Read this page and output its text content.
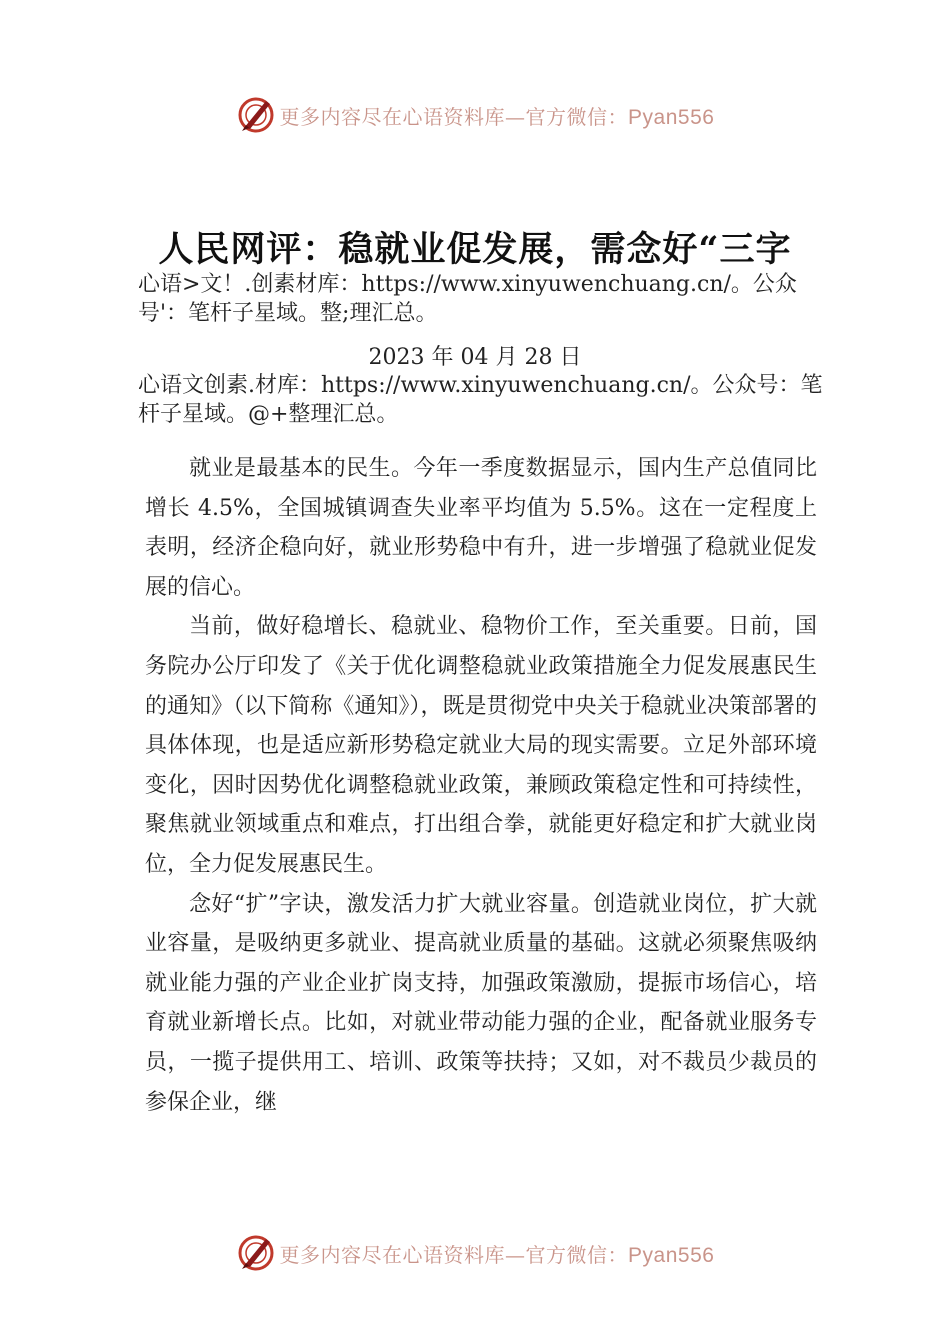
更多内容尽在心语资料库—官方微信：Pyan556
人民网评：稳就业促发展，需念好“三字
心语>文！.创素材库：https://www.xinyuwenchuang.cn/。公众号'：笔杆子星域。整;理汇总。
2023 年 04 月 28 日
心语文创素.材库：https://www.xinyuwenchuang.cn/。公众号：笔杆子星域。@+整理汇总。

就业是最基本的民生。今年一季度数据显示，国内生产总值同比增长 4.5%，全国城镇调查失业率平均值为 5.5%。这在一定程度上表明，经济企稳向好，就业形势稳中有升，进一步增强了稳就业促发展的信心。

当前，做好稳增长、稳就业、稳物价工作，至关重要。日前，国务院办公厅印发了《关于优化调整稳就业政策措施全力促发展惠民生的通知》（以下简称《通知》），既是贯彻党中央关于稳就业决策部署的具体体现，也是适应新形势稳定就业大局的现实需要。立足外部环境变化，因时因势优化调整稳就业政策，兼顾政策稳定性和可持续性，聚焦就业领域重点和难点，打出组合拳，就能更好稳定和扩大就业岗位，全力促发展惠民生。

念好“扩”字诀，激发活力扩大就业容量。创造就业岗位，扩大就业容量，是吸纳更多就业、提高就业质量的基础。这就必须聚焦吸纳就业能力强的产业企业扩岗支持，加强政策激励，提振市场信心，培育就业新增长点。比如，对就业带动能力强的企业，配备就业服务专员，一揽子提供用工、培训、政策等扶持；又如，对不裁员少裁员的参保企业，继

更多内容尽在心语资料库—官方微信：Pyan556
